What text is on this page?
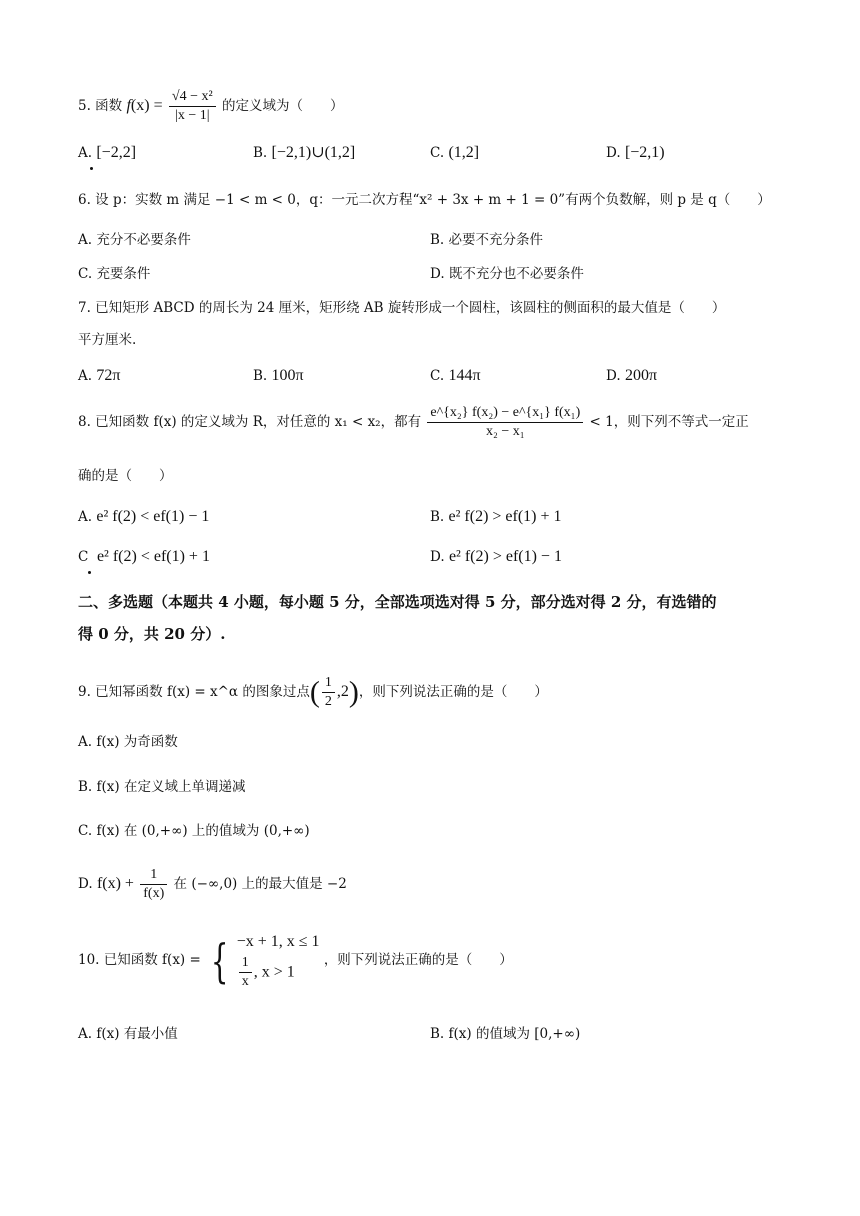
5. 函数 $f(x) = \frac{\text{√4 − x²}}{|x - 1|}$ 的定义域为（　　）
A. [−2,2]	B. [−2,1)∪(1,2]	C. (1,2]	D. [−2,1)
6. 设 p：实数 m 满足 −1 < m < 0，q：一元二次方程“x² + 3x + m + 1 = 0”有两个负数解，则 p 是 q（　　）
A. 充分不必要条件	B. 必要不充分条件
C. 充要条件	D. 既不充分也不必要条件
7. 已知矩形 ABCD 的周长为 24 厘米，矩形绕 AB 旋转形成一个圆柱，该圆柱的侧面积的最大值是（　　）
平方厘米.
A. 72π	B. 100π	C. 144π	D. 200π
8. 已知函数 f(x) 的定义域为 R，对任意的 x₁ < x₂，都有 $\frac{\text{e\textasciicircum{}\{x₂\} f(x₂) − e\textasciicircum{}\{x₁\} f(x₁)}}{\text{x₂ − x₁}} < 1$，则下列不等式一定正
确的是（　　）
A. e² f(2) < ef(1) − 1	B. e² f(2) > ef(1) + 1
C e² f(2) < ef(1) + 1	D. e² f(2) > ef(1) − 1
二、多选题（本题共 4 小题，每小题 5 分，全部选项选对得 5 分，部分选对得 2 分，有选错的
得 0 分，共 20 分）.
9. 已知幂函数 f(x) = x^α 的图象过点( $\frac{1}{2} ,2$)，则下列说法正确的是（　　）
A. f(x) 为奇函数
B. f(x) 在定义域上单调递减
C. f(x) 在 (0,+∞) 上的值域为 (0,+∞)
D. $f(x) + \frac{1}{f(x)}$ 在 (−∞,0) 上的最大值是 −2
10. 已知函数 f(x) = { −x + 1, x ≤ 1
$\frac{1}{x}$ , x > 1
，则下列说法正确的是（　　）
A. f(x) 有最小值	B. f(x) 的值域为 [0,+∞)
